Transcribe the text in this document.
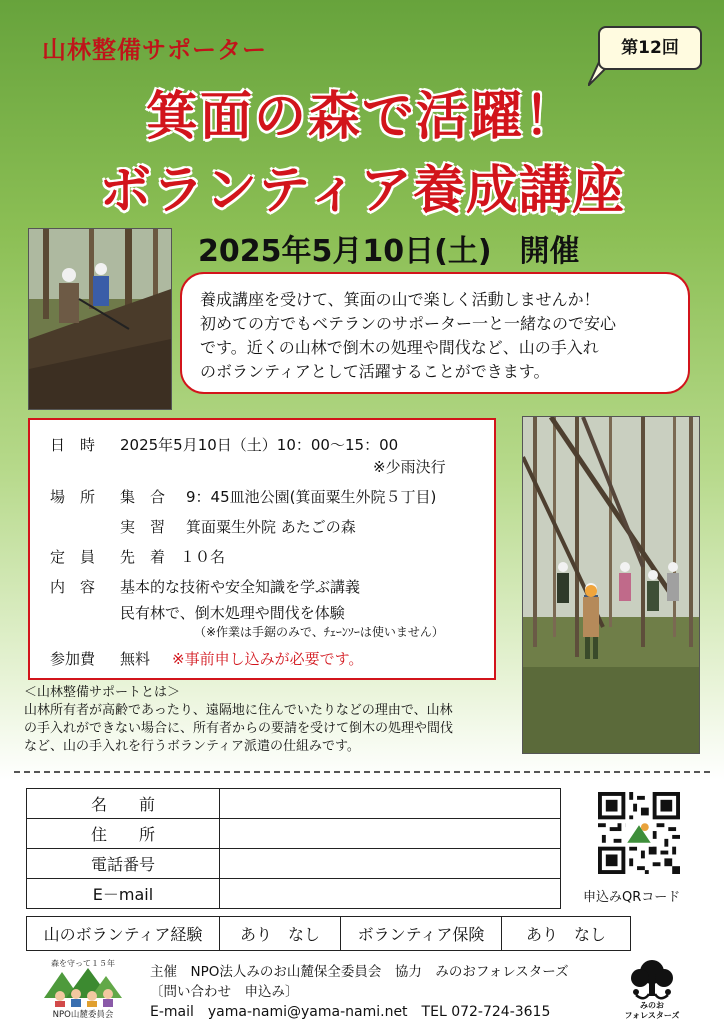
山林整備サポーター	第12回
箕面の森で活躍！
ボランティア養成講座
2025年5月10日(土) 開催
養成講座を受けて、箕面の山で楽しく活動しませんか！
初めての方でもベテランのサポーター一と一緒なので安心
です。近くの山林で倒木の処理や間伐など、山の手入れ
のボランティアとして活躍することができます。
日　時 2025年5月10日（土）10：00～15：00
※少雨決行
場　所 集　合 9：45皿池公園(箕面粟生外院５丁目)
実　習 箕面粟生外院 あたごの森
定　員 先　着　１０名
内　容 基本的な技術や安全知識を学ぶ講義
民有林で、倒木処理や間伐を体験
（※作業は手鋸のみで、ﾁｪｰﾝｿｰは使いません）
参加費 無料 ※事前申し込みが必要です。
＜山林整備サポートとは＞
山林所有者が高齢であったり、遠隔地に住んでいたりなどの理由で、山林
の手入れができない場合に、所有者からの要請を受けて倒木の処理や間伐
など、山の手入れを行うボランティア派遣の仕組みです。
名　　前	
住　　所	
電話番号	
E－mail	
山のボランティア経験	あり　なし	ボランティア保険	あり　なし
申込みQRコード
森を守って１５年
NPO山麓委員会
主催　NPO法人みのお山麓保全委員会　協力　みのおフォレスターズ
〔問い合わせ　申込み〕
E-mail　yama-nami@yama-nami.net　 TEL 072-724-3615	みのお
フォレスターズ
